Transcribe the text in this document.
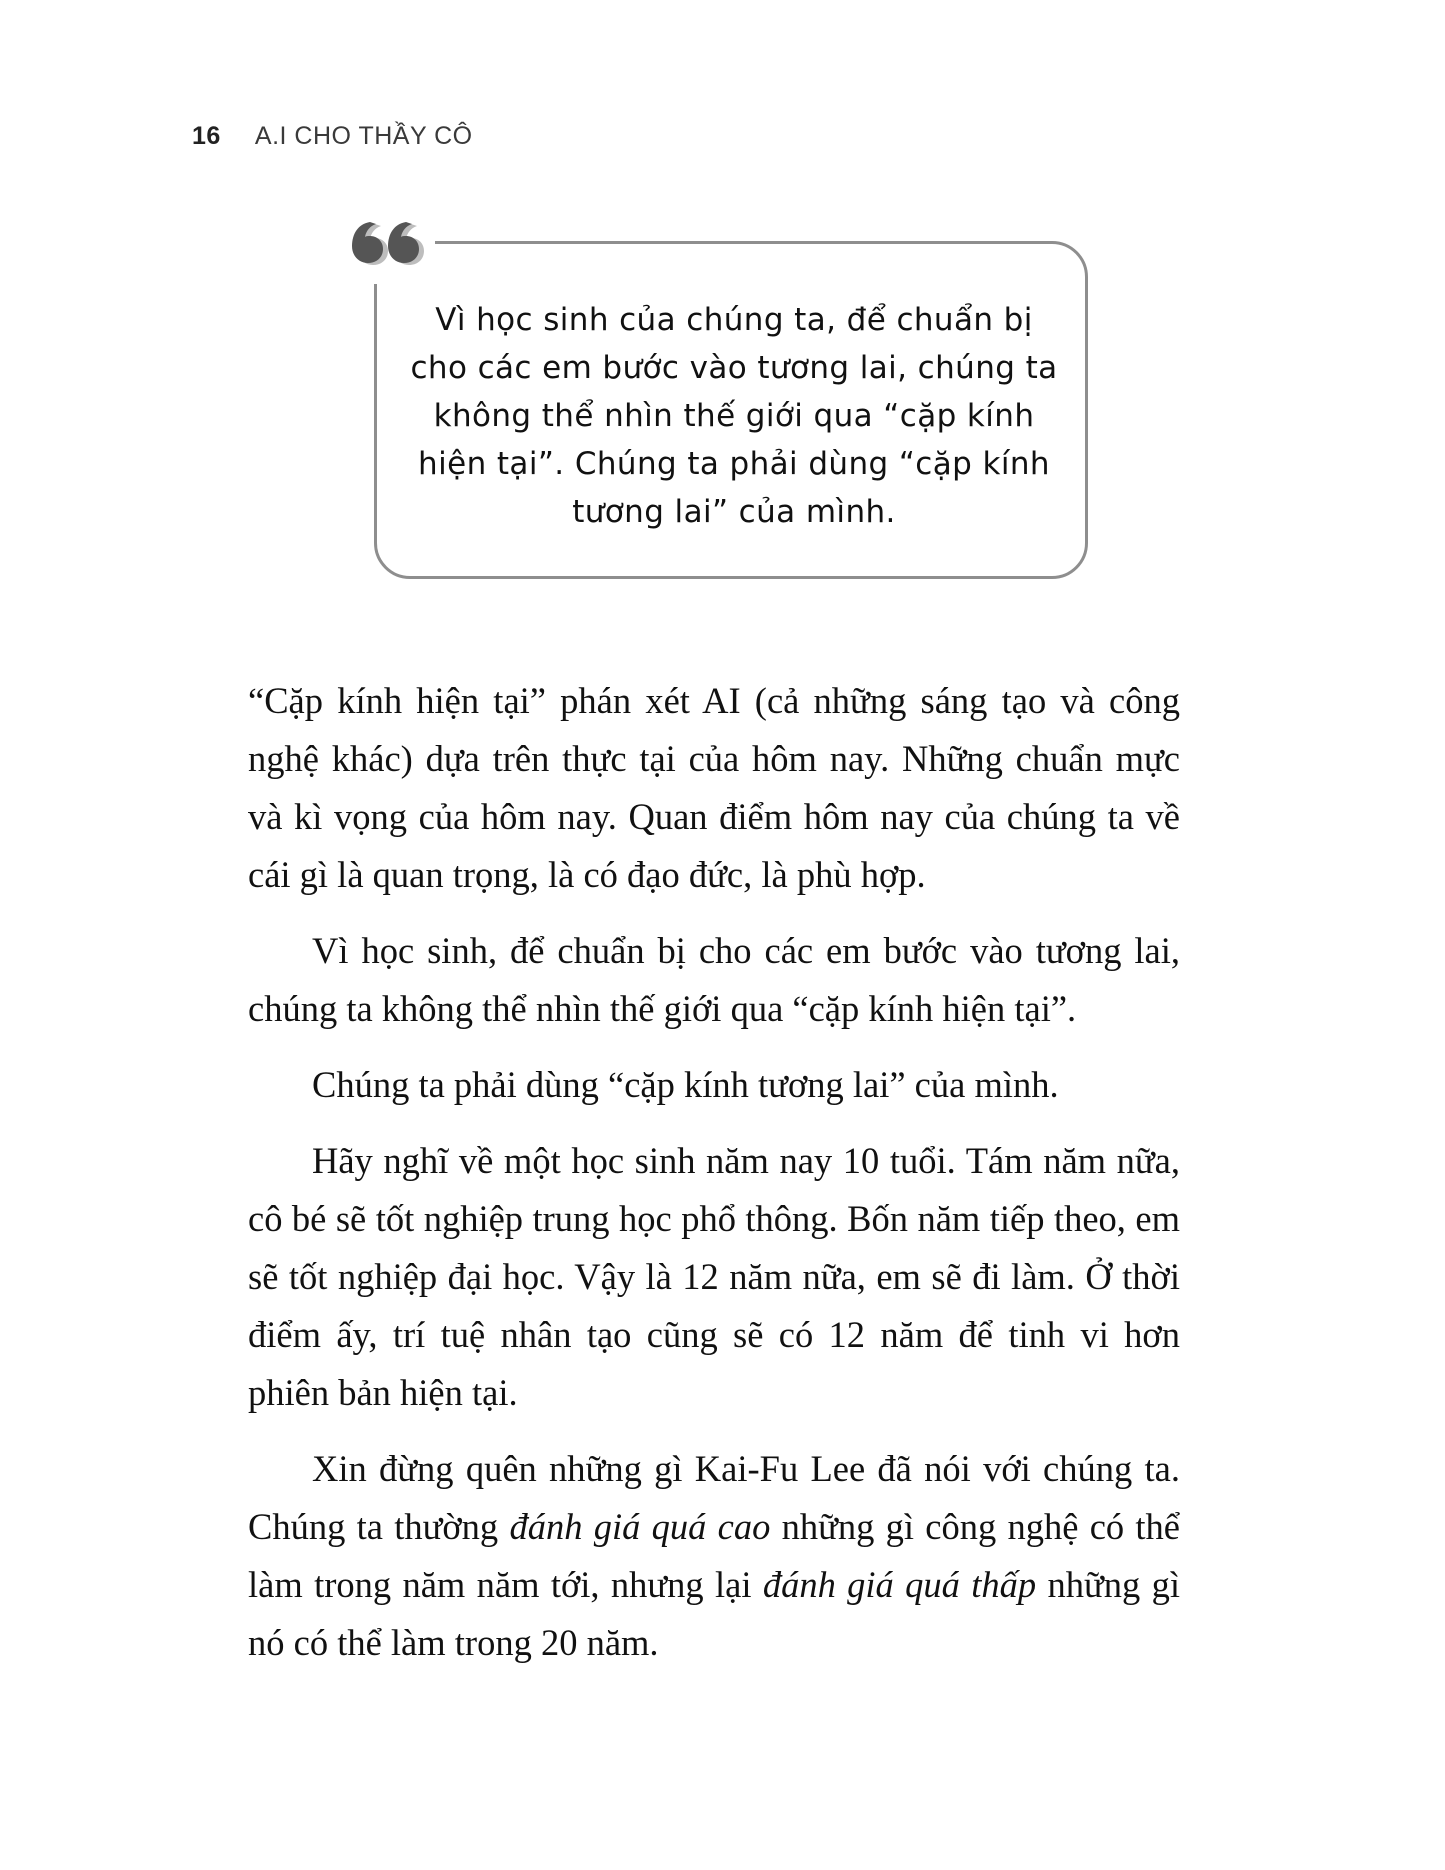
16 A.I CHO THẦY CÔ
Vì học sinh của chúng ta, để chuẩn bị cho các em bước vào tương lai, chúng ta không thể nhìn thế giới qua “cặp kính hiện tại”. Chúng ta phải dùng “cặp kính tương lai” của mình.

“Cặp kính hiện tại” phán xét AI (cả những sáng tạo và công nghệ khác) dựa trên thực tại của hôm nay. Những chuẩn mực và kì vọng của hôm nay. Quan điểm hôm nay của chúng ta về cái gì là quan trọng, là có đạo đức, là phù hợp.

Vì học sinh, để chuẩn bị cho các em bước vào tương lai, chúng ta không thể nhìn thế giới qua “cặp kính hiện tại”.

Chúng ta phải dùng “cặp kính tương lai” của mình.

Hãy nghĩ về một học sinh năm nay 10 tuổi. Tám năm nữa, cô bé sẽ tốt nghiệp trung học phổ thông. Bốn năm tiếp theo, em sẽ tốt nghiệp đại học. Vậy là 12 năm nữa, em sẽ đi làm. Ở thời điểm ấy, trí tuệ nhân tạo cũng sẽ có 12 năm để tinh vi hơn phiên bản hiện tại.

Xin đừng quên những gì Kai-Fu Lee đã nói với chúng ta. Chúng ta thường đánh giá quá cao những gì công nghệ có thể làm trong năm năm tới, nhưng lại đánh giá quá thấp những gì nó có thể làm trong 20 năm.
